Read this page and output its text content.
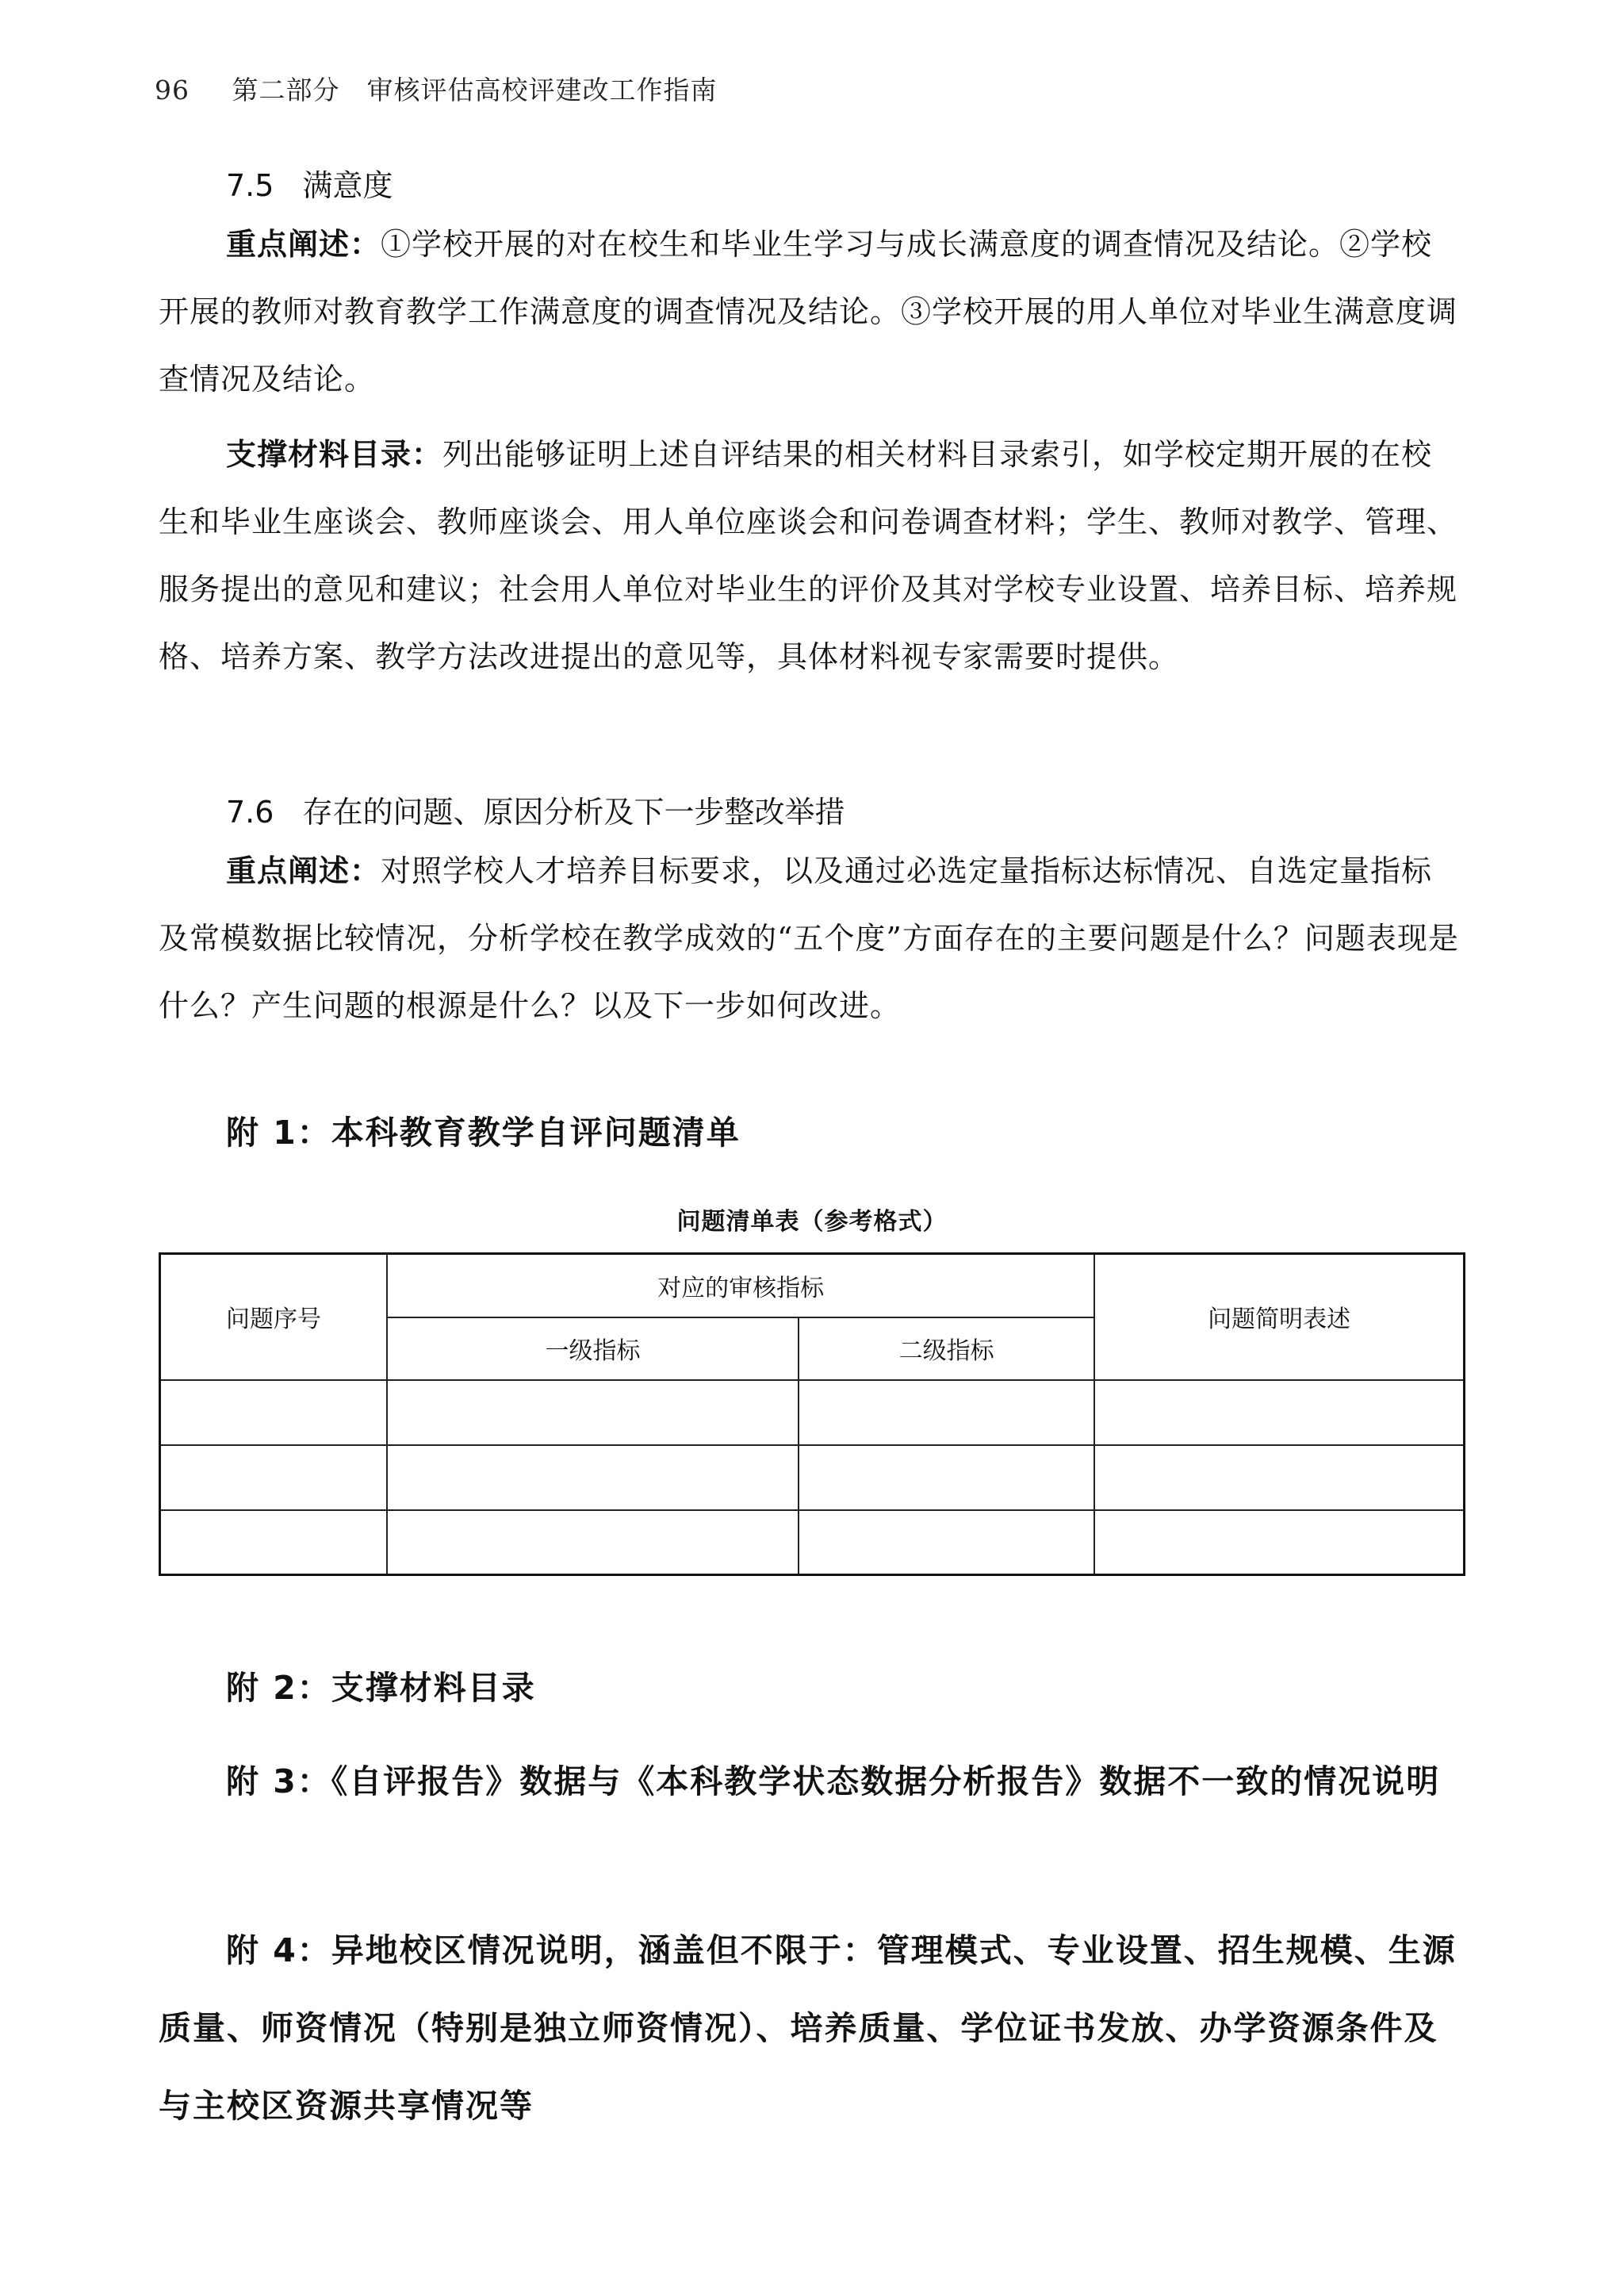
96 第二部分　审核评估高校评建改工作指南
7.5 满意度

重点阐述：①学校开展的对在校生和毕业生学习与成长满意度的调查情况及结论。②学校开展的教师对教育教学工作满意度的调查情况及结论。③学校开展的用人单位对毕业生满意度调查情况及结论。

支撑材料目录：列出能够证明上述自评结果的相关材料目录索引，如学校定期开展的在校生和毕业生座谈会、教师座谈会、用人单位座谈会和问卷调查材料；学生、教师对教学、管理、服务提出的意见和建议；社会用人单位对毕业生的评价及其对学校专业设置、培养目标、培养规格、培养方案、教学方法改进提出的意见等，具体材料视专家需要时提供。

7.6 存在的问题、原因分析及下一步整改举措

重点阐述：对照学校人才培养目标要求，以及通过必选定量指标达标情况、自选定量指标及常模数据比较情况，分析学校在教学成效的“五个度”方面存在的主要问题是什么？问题表现是什么？产生问题的根源是什么？以及下一步如何改进。

附 1：本科教育教学自评问题清单

问题清单表（参考格式）
问题序号	对应的审核指标		问题简明表述
	一级指标	二级指标	

附 2：支撑材料目录

附 3：《自评报告》数据与《本科教学状态数据分析报告》数据不一致的情况说明

附 4：异地校区情况说明，涵盖但不限于：管理模式、专业设置、招生规模、生源质量、师资情况（特别是独立师资情况）、培养质量、学位证书发放、办学资源条件及与主校区资源共享情况等
